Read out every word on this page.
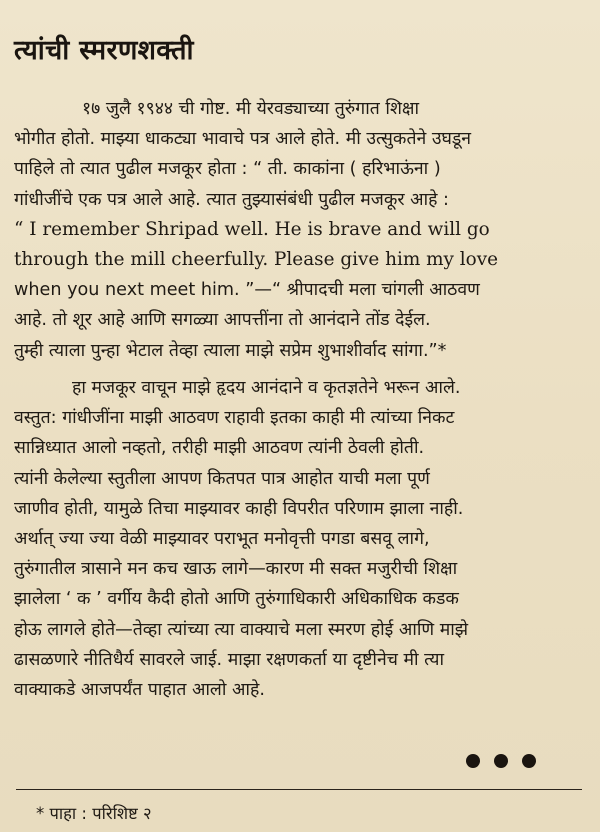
त्यांची स्मरणशक्ती
१७ जुलै १९४४ ची गोष्ट. मी येरवड्याच्या तुरुंगात शिक्षा
भोगीत होतो. माझ्या धाकट्या भावाचे पत्र आले होते. मी उत्सुकतेने उघडून
पाहिले तो त्यात पुढील मजकूर होता : “ ती. काकांना ( हरिभाऊंना )
गांधीजींचे एक पत्र आले आहे. त्यात तुझ्यासंबंधी पुढील मजकूर आहे :
“ I remember Shripad well. He is brave and will go
through the mill cheerfully. Please give him my love
when you next meet him. ”—“ श्रीपादची मला चांगली आठवण
आहे. तो शूर आहे आणि सगळ्या आपत्तींना तो आनंदाने तोंड देईल.
तुम्ही त्याला पुन्हा भेटाल तेव्हा त्याला माझे सप्रेम शुभाशीर्वाद सांगा.”*
हा मजकूर वाचून माझे हृदय आनंदाने व कृतज्ञतेने भरून आले.
वस्तुत: गांधीजींना माझी आठवण राहावी इतका काही मी त्यांच्या निकट
सान्निध्यात आलो नव्हतो, तरीही माझी आठवण त्यांनी ठेवली होती.
त्यांनी केलेल्या स्तुतीला आपण कितपत पात्र आहोत याची मला पूर्ण
जाणीव होती, यामुळे तिचा माझ्यावर काही विपरीत परिणाम झाला नाही.
अर्थात् ज्या ज्या वेळी माझ्यावर पराभूत मनोवृत्ती पगडा बसवू लागे,
तुरुंगातील त्रासाने मन कच खाऊ लागे—कारण मी सक्त मजुरीची शिक्षा
झालेला ‘ क ’ वर्गीय कैदी होतो आणि तुरुंगाधिकारी अधिकाधिक कडक
होऊ लागले होते—तेव्हा त्यांच्या त्या वाक्याचे मला स्मरण होई आणि माझे
ढासळणारे नीतिधैर्य सावरले जाई. माझा रक्षणकर्ता या दृष्टीनेच मी त्या
वाक्याकडे आजपर्यंत पाहात आलो आहे.
* पाहा : परिशिष्ट २
